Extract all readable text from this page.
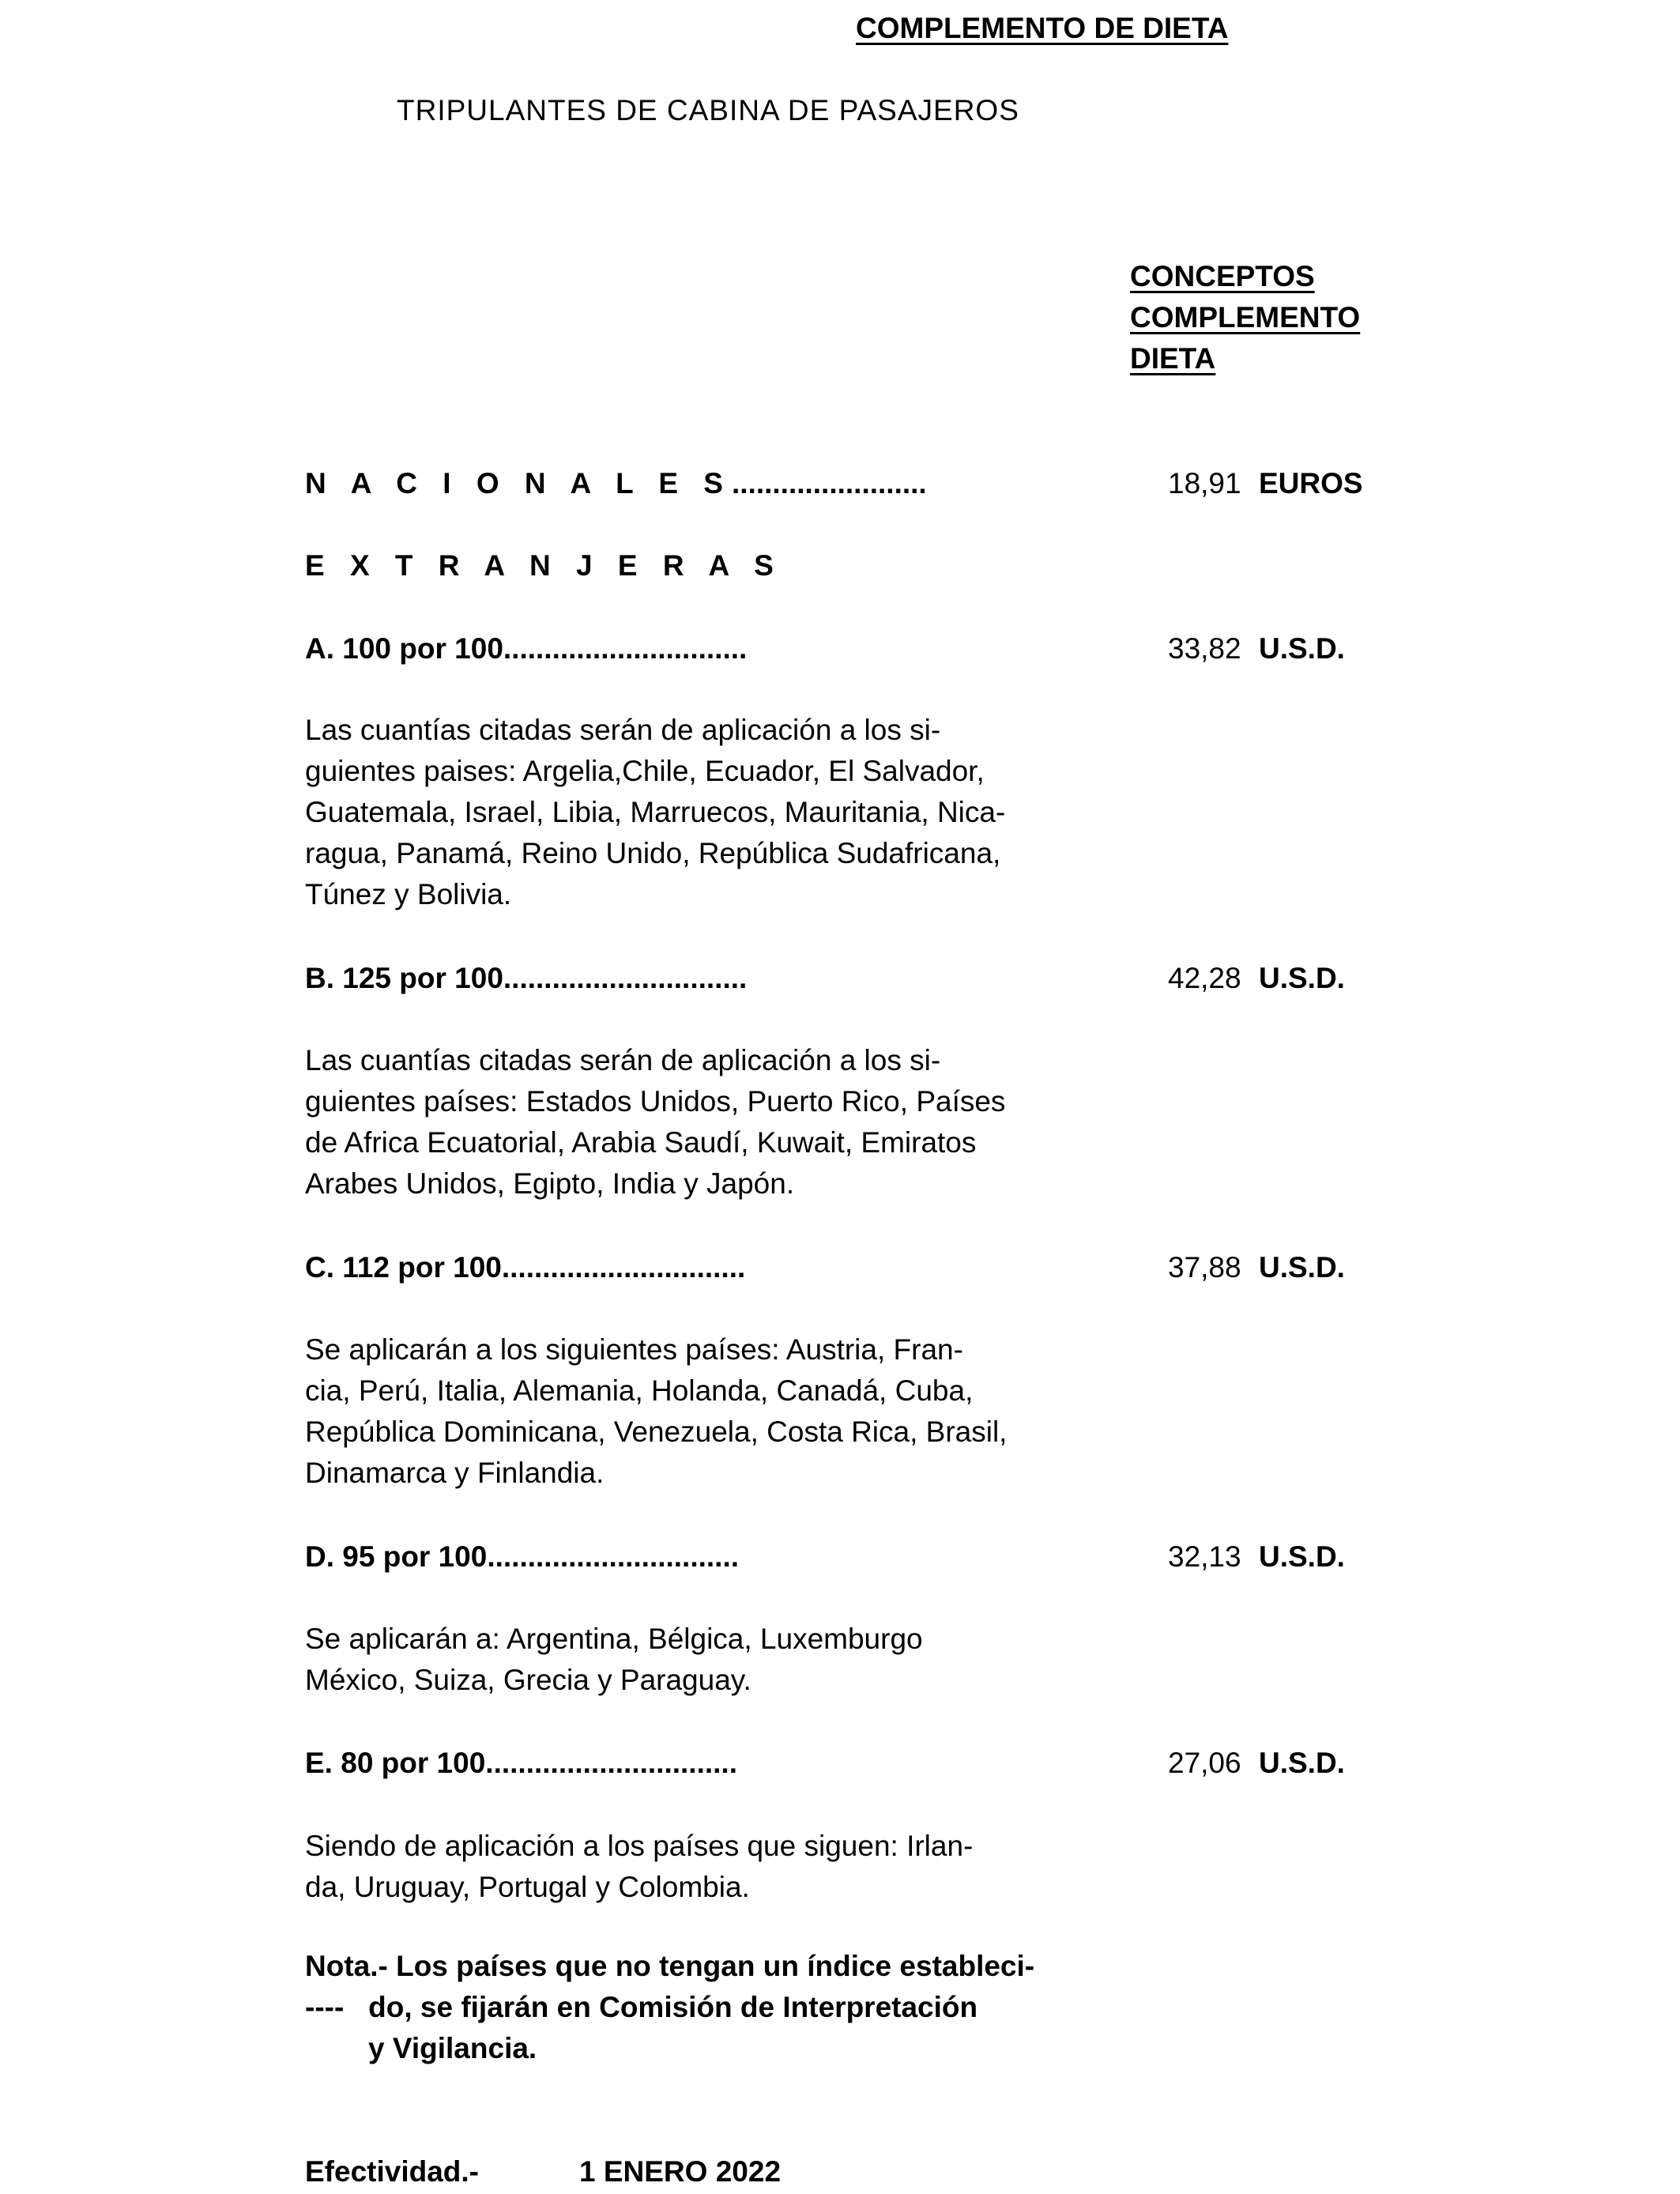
COMPLEMENTO DE DIETA
TRIPULANTES DE CABINA DE PASAJEROS
CONCEPTOS
COMPLEMENTO
DIETA
N A C I O N A L E S........................	18,91 EUROS
E X T R A N J E R A S
A. 100 por 100..............................	33,82 U.S.D.
Las cuantías citadas serán de aplicación a los si-
guientes paises: Argelia,Chile, Ecuador, El Salvador,
Guatemala, Israel, Libia, Marruecos, Mauritania, Nica-
ragua, Panamá, Reino Unido, República Sudafricana,
Túnez y Bolivia.
B. 125 por 100..............................	42,28 U.S.D.
Las cuantías citadas serán de aplicación a los si-
guientes países: Estados Unidos, Puerto Rico, Países
de Africa Ecuatorial, Arabia Saudí, Kuwait, Emiratos
Arabes Unidos, Egipto, India y Japón.
C. 112 por 100..............................	37,88 U.S.D.
Se aplicarán a los siguientes países: Austria, Fran-
cia, Perú, Italia, Alemania, Holanda, Canadá, Cuba,
República Dominicana, Venezuela, Costa Rica, Brasil,
Dinamarca y Finlandia.
D. 95 por 100...............................	32,13 U.S.D.
Se aplicarán a: Argentina, Bélgica, Luxemburgo
México, Suiza, Grecia y Paraguay.
E. 80 por 100...............................	27,06 U.S.D.
Siendo de aplicación a los países que siguen: Irlan-
da, Uruguay, Portugal y Colombia.
Nota.- Los países que no tengan un índice estableci-
----   do, se fijarán en Comisión de Interpretación
y Vigilancia.
Efectividad.-	1 ENERO 2022
